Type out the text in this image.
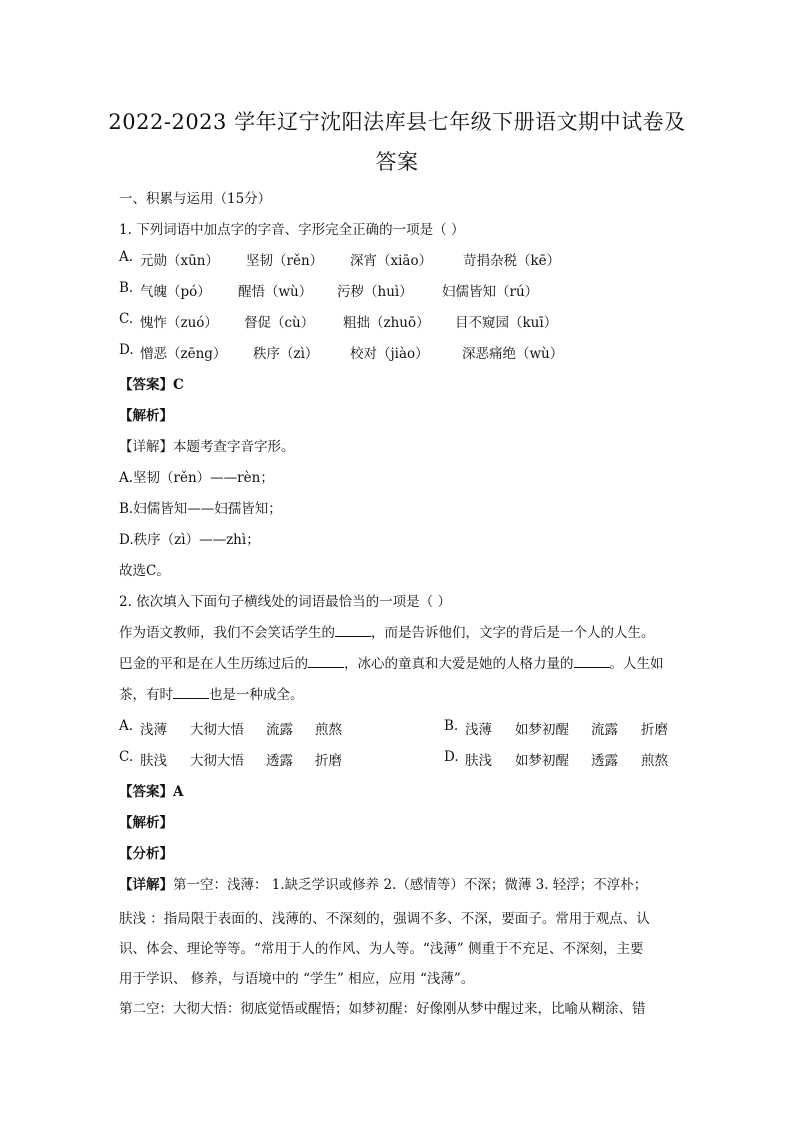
2022-2023 学年辽宁沈阳法库县七年级下册语文期中试卷及
答案
一、积累与运用（15分）
1. 下列词语中加点字的字音、字形完全正确的一项是（ ）
A. 元勋（xūn） 坚韧（rěn） 深宵（xiāo） 苛捐杂税（kē）
B. 气魄（pó） 醒悟（wù） 污秽（huì） 妇儒皆知（rú）
C. 愧怍（zuó） 督促（cù） 粗拙（zhuō） 目不窥园（kuī）
D. 憎恶（zēng） 秩序（zì） 校对（jiào） 深恶痛绝（wù）
【答案】C
【解析】
【详解】本题考查字音字形。
A.坚韧（rěn）——rèn；
B.妇儒皆知——妇孺皆知；
D.秩序（zì）——zhì；
故选C。
2. 依次填入下面句子横线处的词语最恰当的一项是（ ）
作为语文教师，我们不会笑话学生的	，而是告诉他们，文字的背后是一个人的人生。
巴金的平和是在人生历练过后的	，冰心的童真和大爱是她的人格力量的	。人生如
茶，有时	也是一种成全。
A. 浅薄 大彻大悟 流露 煎熬	B. 浅薄 如梦初醒 流露 折磨
C. 肤浅 大彻大悟 透露 折磨	D. 肤浅 如梦初醒 透露 煎熬
【答案】A
【解析】
【分析】
【详解】第一空：浅薄： 1.缺乏学识或修养 2.（感情等）不深；微薄 3. 轻浮；不淳朴；
肤浅 ：指局限于表面的、浅薄的、不深刻的，强调不多、不深，要面子。常用于观点、认
识、体会、理论等等。“常用于人的作风、为人等。“浅薄” 侧重于不充足、不深刻，主要
用于学识、 修养，与语境中的 “学生” 相应，应用 “浅薄”。
第二空：大彻大悟：彻底觉悟或醒悟；如梦初醒：好像刚从梦中醒过来，比喻从糊涂、错
